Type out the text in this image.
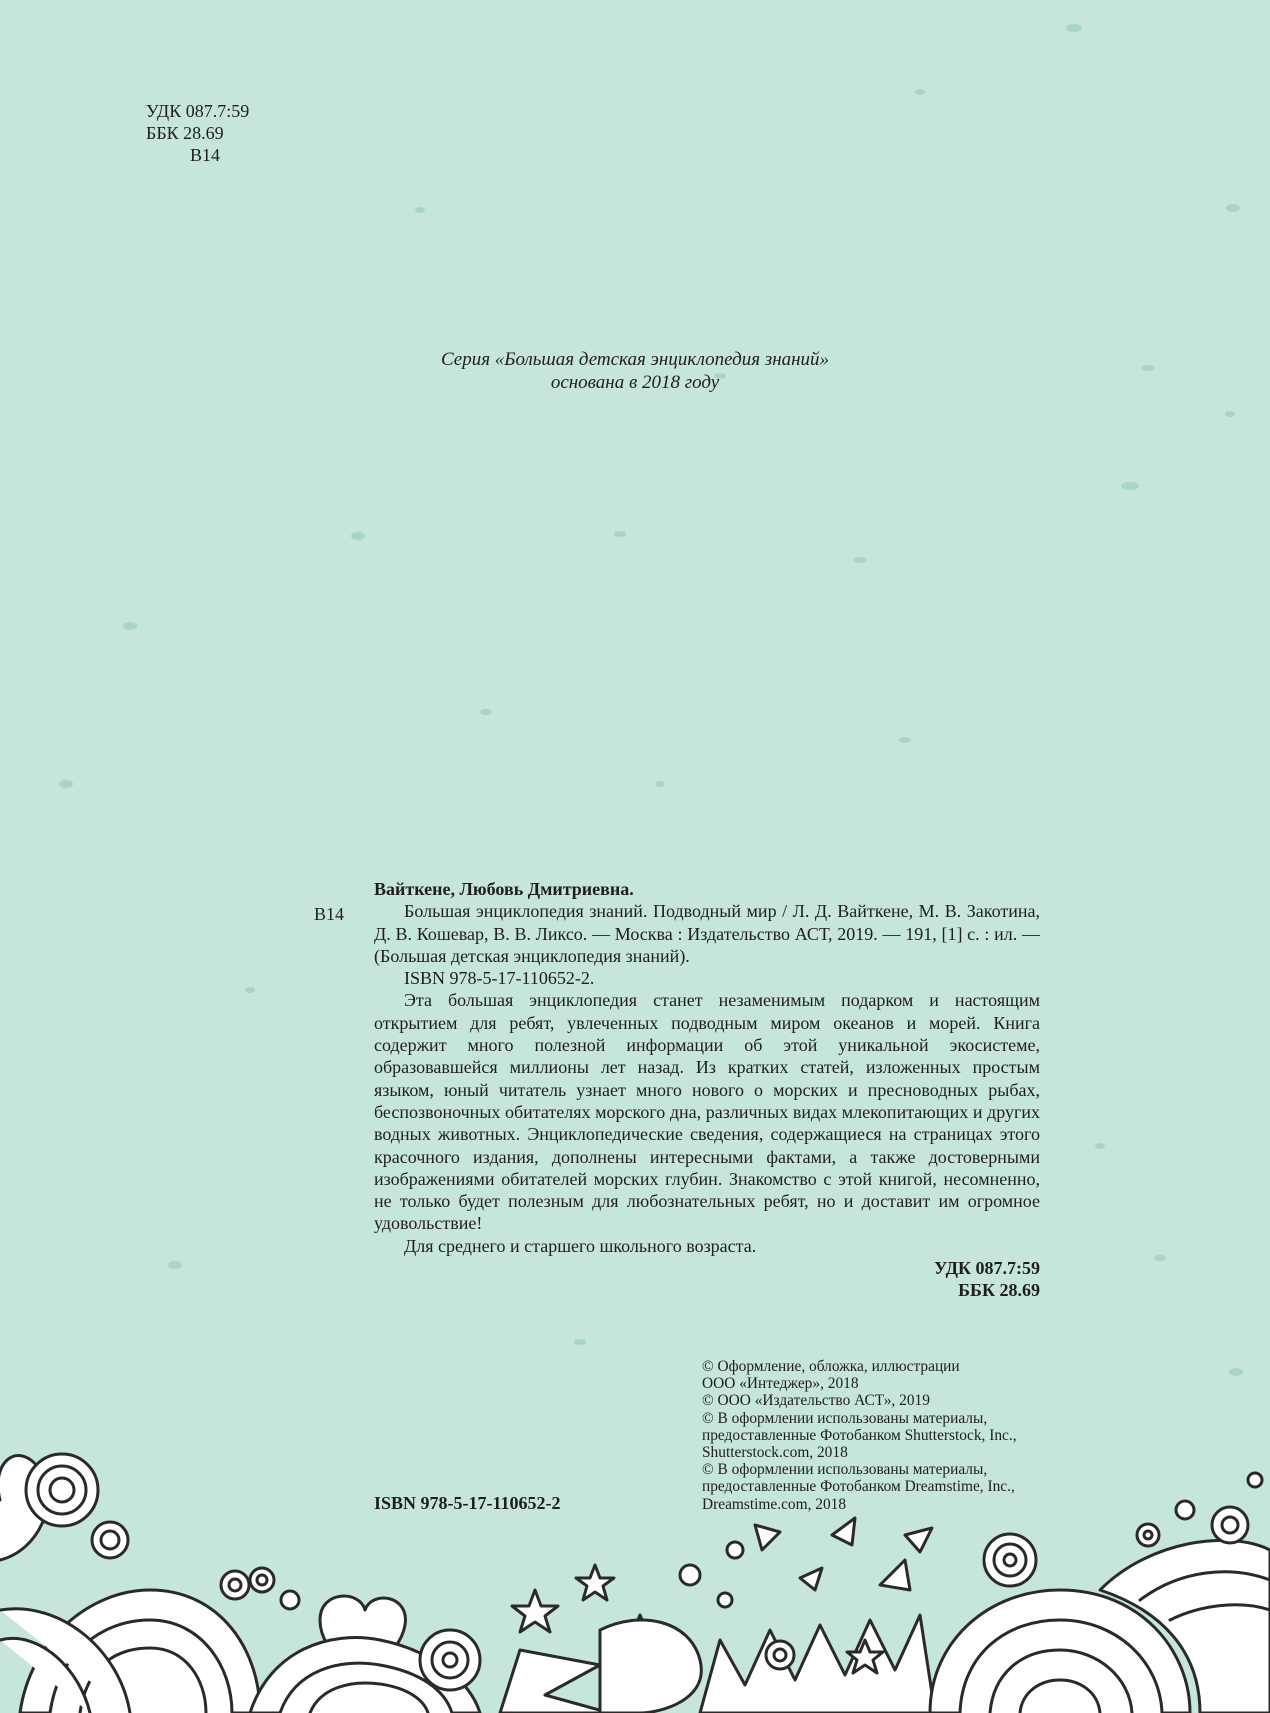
УДК 087.7:59
ББК 28.69
В14
Серия «Большая детская энциклопедия знаний»
основана в 2018 году
В14
Вайткене, Любовь Дмитриевна.

Большая энциклопедия знаний. Подводный мир / Л. Д. Вайткене, М. В. Закотина, Д. В. Кошевар, В. В. Ликсо. — Москва : Издательство АСТ, 2019. — 191, [1] с. : ил. — (Большая детская энциклопедия знаний).

ISBN 978-5-17-110652-2.

Эта большая энциклопедия станет незаменимым подарком и настоящим открытием для ребят, увлеченных подводным миром океанов и морей. Книга содержит много полезной информации об этой уникальной экосистеме, образовавшейся миллионы лет назад. Из кратких статей, изложенных простым языком, юный читатель узнает много нового о морских и пресноводных рыбах, беспозвоночных обитателях морского дна, различных видах млекопитающих и других водных животных. Энциклопедические сведения, содержащиеся на страницах этого красочного издания, дополнены интересными фактами, а также достоверными изображениями обитателей морских глубин. Знакомство с этой книгой, несомненно, не только будет полезным для любознательных ребят, но и доставит им огромное удовольствие!

Для среднего и старшего школьного возраста.

УДК 087.7:59
ББК 28.69
© Оформление, обложка, иллюстрации
ООО «Интеджер», 2018
© ООО «Издательство АСТ», 2019
© В оформлении использованы материалы,
предоставленные Фотобанком Shutterstock, Inc.,
Shutterstock.com, 2018
© В оформлении использованы материалы,
предоставленные Фотобанком Dreamstime, Inc.,
Dreamstime.com, 2018
ISBN 978-5-17-110652-2
